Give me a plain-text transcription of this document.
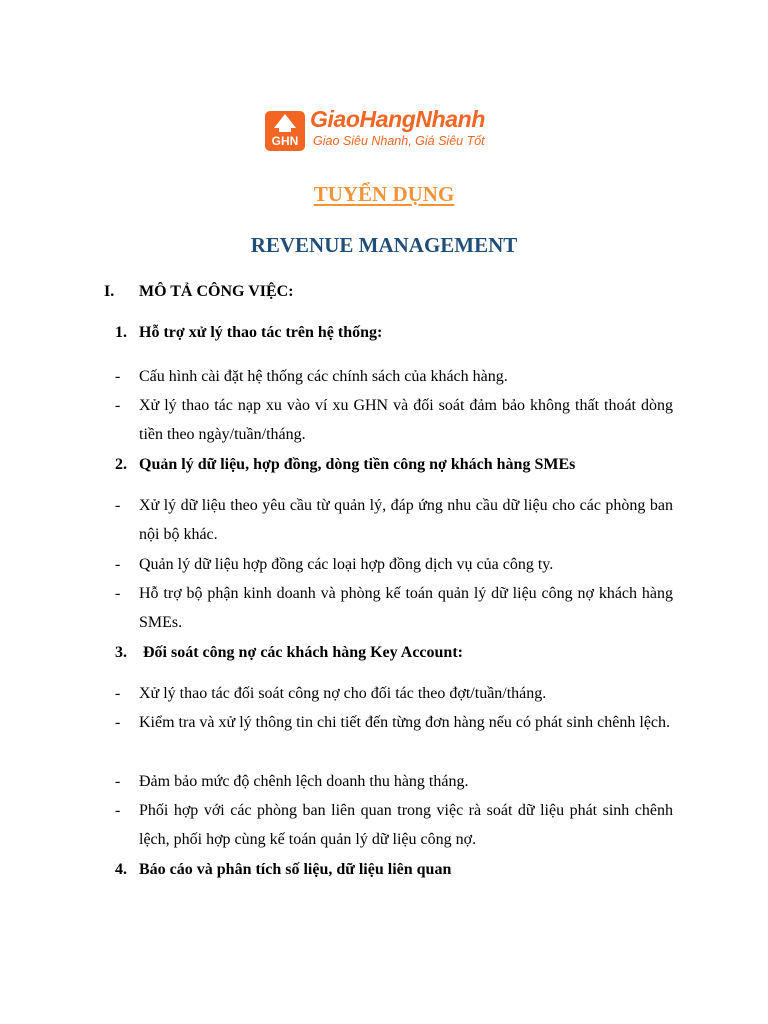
GHN
GiaoHangNhanh
Giao Siêu Nhanh, Giá Siêu Tốt
TUYỂN DỤNG
REVENUE MANAGEMENT
I. MÔ TẢ CÔNG VIỆC:
1. Hỗ trợ xử lý thao tác trên hệ thống:
- Cấu hình cài đặt hệ thống các chính sách của khách hàng.
- Xử lý thao tác nạp xu vào ví xu GHN và đối soát đảm bảo không thất thoát dòng tiền theo ngày/tuần/tháng.
2. Quản lý dữ liệu, hợp đồng, dòng tiền công nợ khách hàng SMEs
- Xử lý dữ liệu theo yêu cầu từ quản lý, đáp ứng nhu cầu dữ liệu cho các phòng ban nội bộ khác.
- Quản lý dữ liệu hợp đồng các loại hợp đồng dịch vụ của công ty.
- Hỗ trợ bộ phận kinh doanh và phòng kế toán quản lý dữ liệu công nợ khách hàng SMEs.
3. Đối soát công nợ các khách hàng Key Account:
- Xử lý thao tác đối soát công nợ cho đối tác theo đợt/tuần/tháng.
- Kiểm tra và xử lý thông tin chi tiết đến từng đơn hàng nếu có phát sinh chênh lệch.
- Đảm bảo mức độ chênh lệch doanh thu hàng tháng.
- Phối hợp với các phòng ban liên quan trong việc rà soát dữ liệu phát sinh chênh lệch, phối hợp cùng kế toán quản lý dữ liệu công nợ.
4. Báo cáo và phân tích số liệu, dữ liệu liên quan
